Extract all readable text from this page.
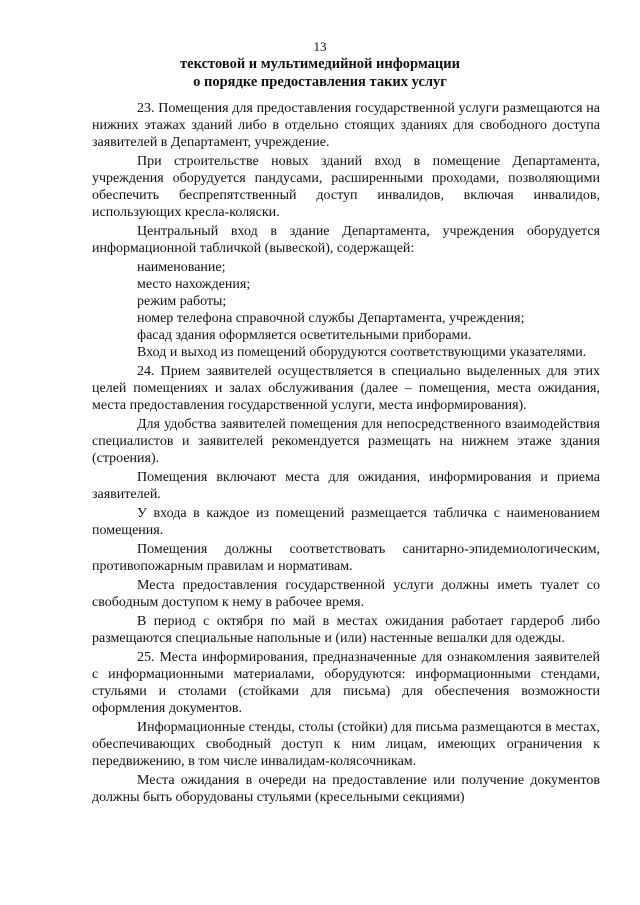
13
текстовой и мультимедийной информации
о порядке предоставления таких услуг

23. Помещения для предоставления государственной услуги размещаются на нижних этажах зданий либо в отдельно стоящих зданиях для свободного доступа заявителей в Департамент, учреждение.

При строительстве новых зданий вход в помещение Департамента, учреждения оборудуется пандусами, расширенными проходами, позволяющими обеспечить беспрепятственный доступ инвалидов, включая инвалидов, использующих кресла-коляски.

Центральный вход в здание Департамента, учреждения оборудуется информационной табличкой (вывеской), содержащей:

наименование;

место нахождения;

режим работы;

номер телефона справочной службы Департамента, учреждения;

фасад здания оформляется осветительными приборами.

Вход и выход из помещений оборудуются соответствующими указателями.

24. Прием заявителей осуществляется в специально выделенных для этих целей помещениях и залах обслуживания (далее – помещения, места ожидания, места предоставления государственной услуги, места информирования).

Для удобства заявителей помещения для непосредственного взаимодействия специалистов и заявителей рекомендуется размещать на нижнем этаже здания (строения).

Помещения включают места для ожидания, информирования и приема заявителей.

У входа в каждое из помещений размещается табличка с наименованием помещения.

Помещения должны соответствовать санитарно-эпидемиологическим, противопожарным правилам и нормативам.

Места предоставления государственной услуги должны иметь туалет со свободным доступом к нему в рабочее время.

В период с октября по май в местах ожидания работает гардероб либо размещаются специальные напольные и (или) настенные вешалки для одежды.

25. Места информирования, предназначенные для ознакомления заявителей с информационными материалами, оборудуются: информационными стендами, стульями и столами (стойками для письма) для обеспечения возможности оформления документов.

Информационные стенды, столы (стойки) для письма размещаются в местах, обеспечивающих свободный доступ к ним лицам, имеющих ограничения к передвижению, в том числе инвалидам-колясочникам.

Места ожидания в очереди на предоставление или получение документов должны быть оборудованы стульями (кресельными секциями)
